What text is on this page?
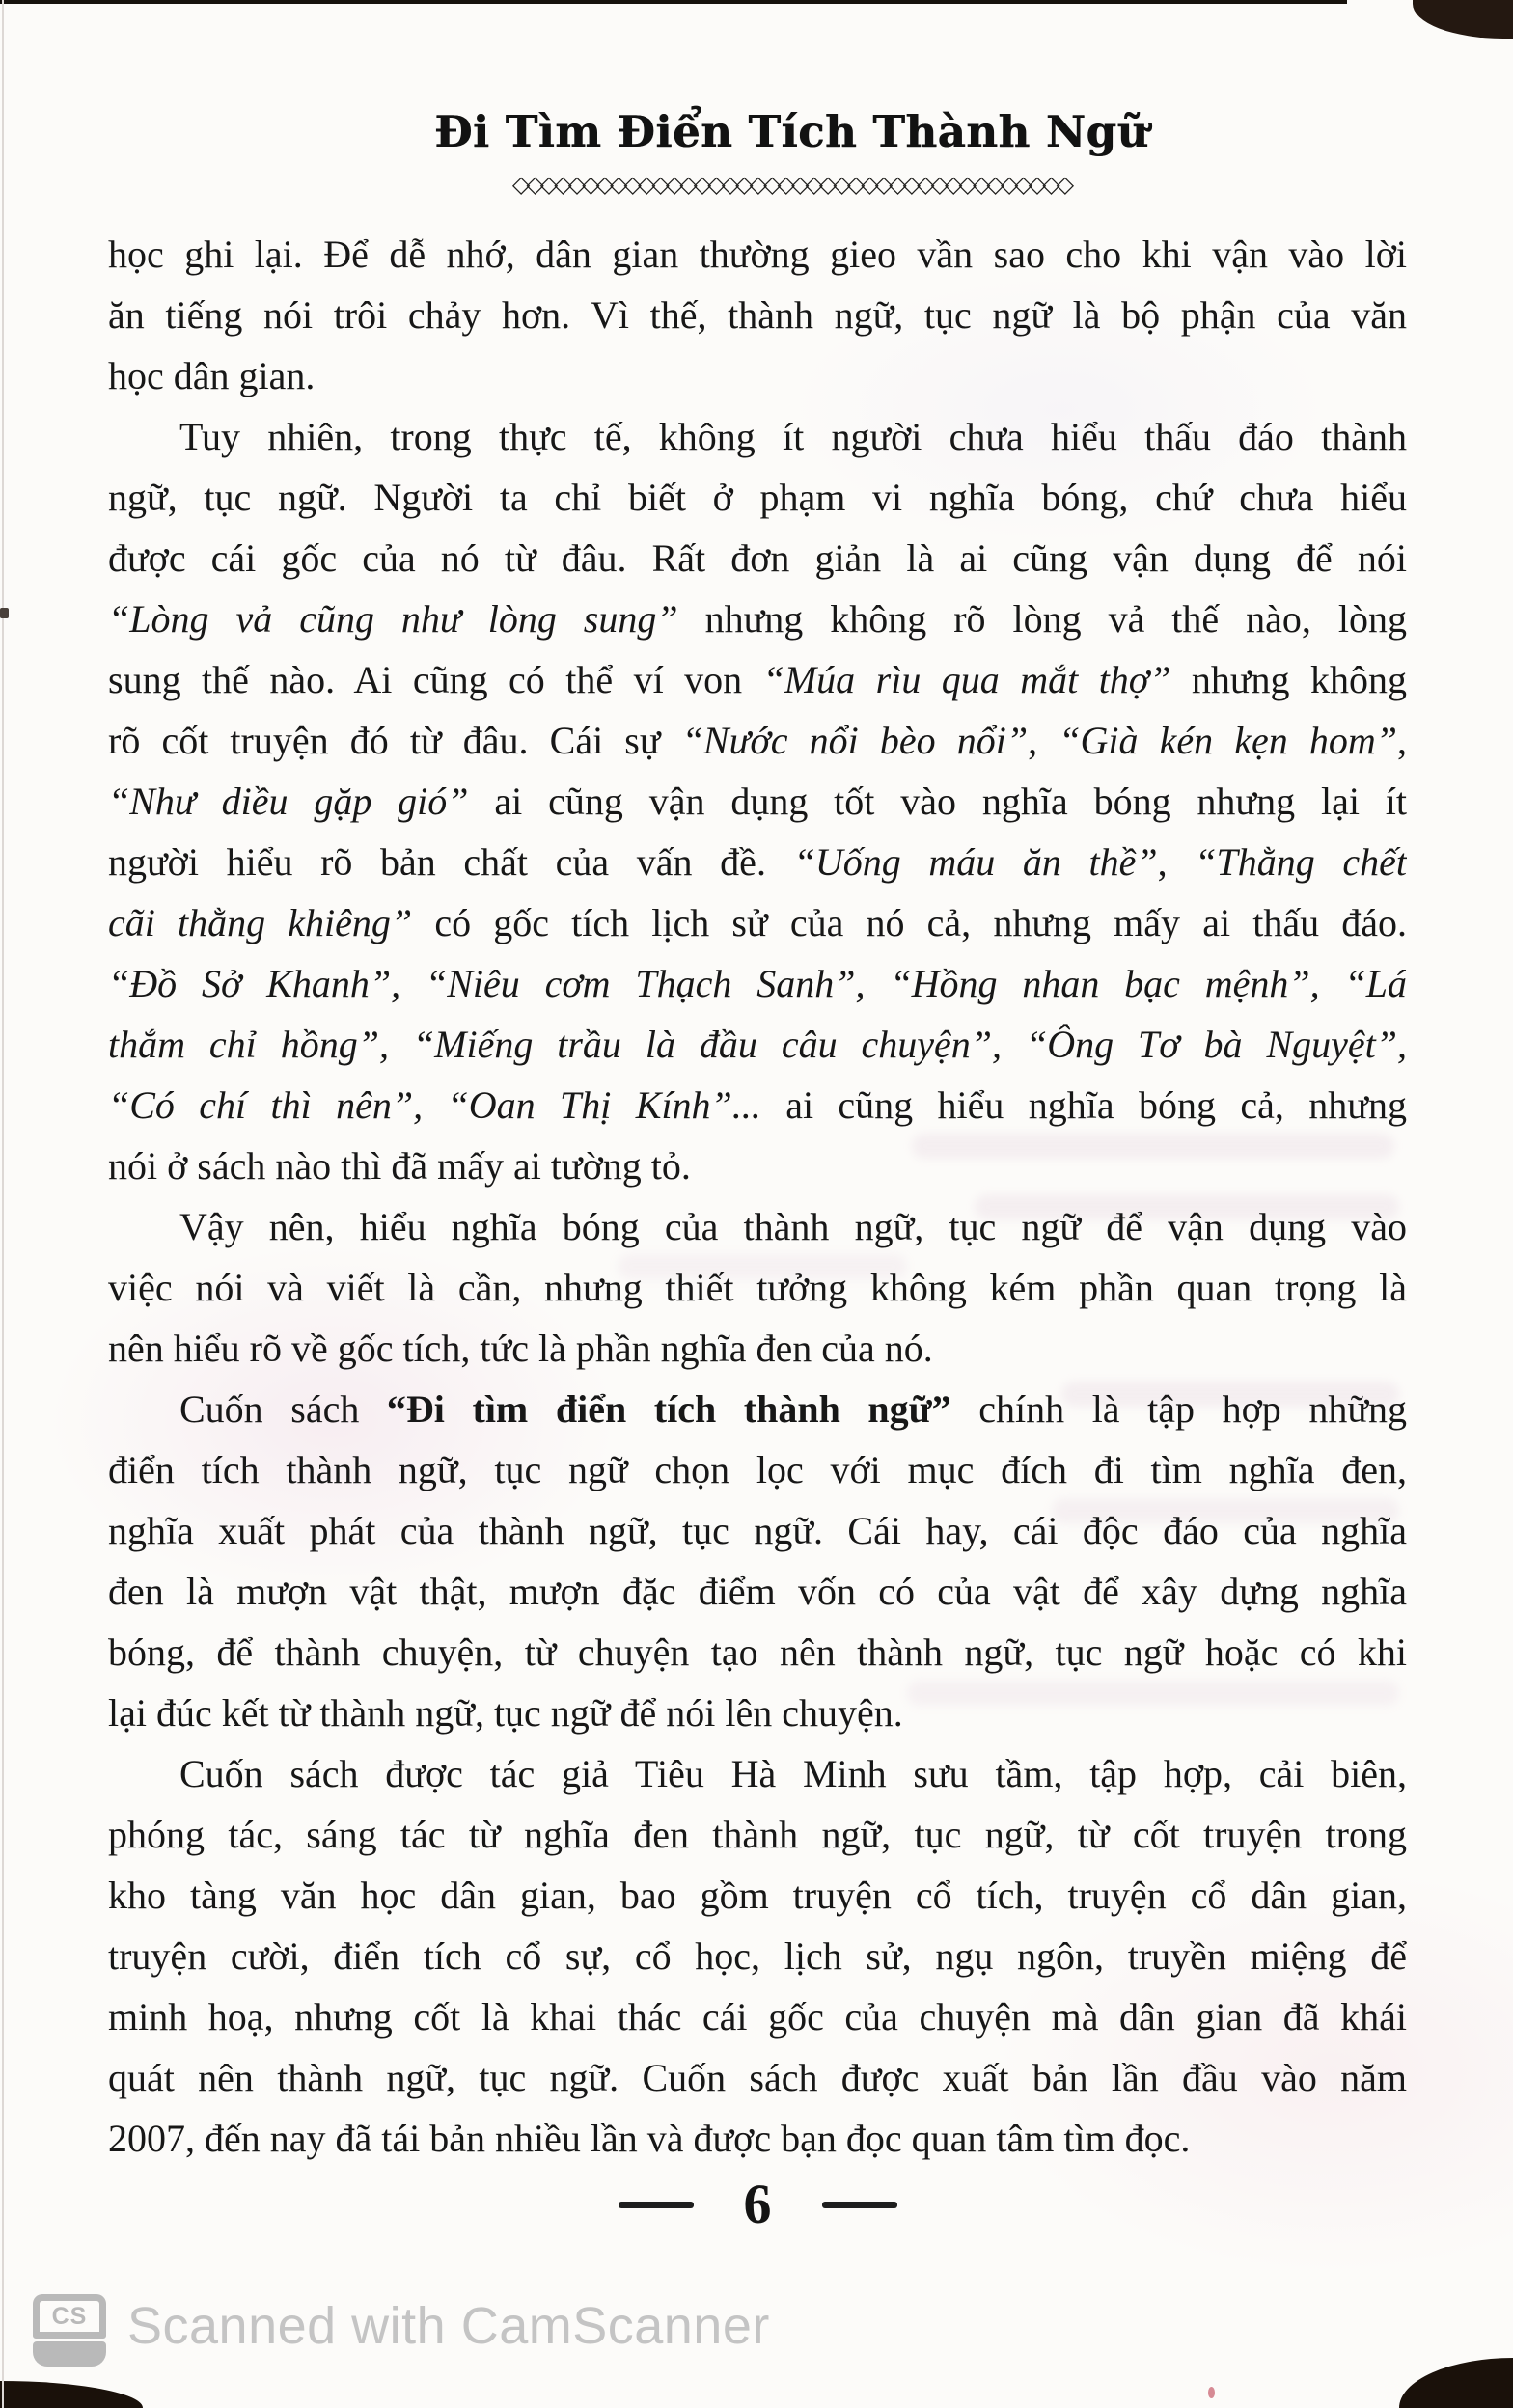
Đi Tìm Điển Tích Thành Ngữ
◇◇◇◇◇◇◇◇◇◇◇◇◇◇◇◇◇◇◇◇◇◇◇◇◇◇◇◇◇◇◇◇◇◇◇◇◇◇◇◇
học ghi lại. Để dễ nhớ, dân gian thường gieo vần sao cho khi vận vào lời
ăn tiếng nói trôi chảy hơn. Vì thế, thành ngữ, tục ngữ là bộ phận của văn
học dân gian.
Tuy nhiên, trong thực tế, không ít người chưa hiểu thấu đáo thành
ngữ, tục ngữ. Người ta chỉ biết ở phạm vi nghĩa bóng, chứ chưa hiểu
được cái gốc của nó từ đâu. Rất đơn giản là ai cũng vận dụng để nói
“Lòng vả cũng như lòng sung” nhưng không rõ lòng vả thế nào, lòng
sung thế nào. Ai cũng có thể ví von “Múa rìu qua mắt thợ” nhưng không
rõ cốt truyện đó từ đâu. Cái sự “Nước nổi bèo nổi”, “Già kén kẹn hom”,
“Như diều gặp gió” ai cũng vận dụng tốt vào nghĩa bóng nhưng lại ít
người hiểu rõ bản chất của vấn đề. “Uống máu ăn thề”, “Thằng chết
cãi thằng khiêng” có gốc tích lịch sử của nó cả, nhưng mấy ai thấu đáo.
“Đồ Sở Khanh”, “Niêu cơm Thạch Sanh”, “Hồng nhan bạc mệnh”, “Lá
thắm chỉ hồng”, “Miếng trầu là đầu câu chuyện”, “Ông Tơ bà Nguyệt”,
“Có chí thì nên”, “Oan Thị Kính”... ai cũng hiểu nghĩa bóng cả, nhưng
nói ở sách nào thì đã mấy ai tường tỏ.
Vậy nên, hiểu nghĩa bóng của thành ngữ, tục ngữ để vận dụng vào
việc nói và viết là cần, nhưng thiết tưởng không kém phần quan trọng là
nên hiểu rõ về gốc tích, tức là phần nghĩa đen của nó.
Cuốn sách “Đi tìm điển tích thành ngữ” chính là tập hợp những
điển tích thành ngữ, tục ngữ chọn lọc với mục đích đi tìm nghĩa đen,
nghĩa xuất phát của thành ngữ, tục ngữ. Cái hay, cái độc đáo của nghĩa
đen là mượn vật thật, mượn đặc điểm vốn có của vật để xây dựng nghĩa
bóng, để thành chuyện, từ chuyện tạo nên thành ngữ, tục ngữ hoặc có khi
lại đúc kết từ thành ngữ, tục ngữ để nói lên chuyện.
Cuốn sách được tác giả Tiêu Hà Minh sưu tầm, tập hợp, cải biên,
phóng tác, sáng tác từ nghĩa đen thành ngữ, tục ngữ, từ cốt truyện trong
kho tàng văn học dân gian, bao gồm truyện cổ tích, truyện cổ dân gian,
truyện cười, điển tích cổ sự, cổ học, lịch sử, ngụ ngôn, truyền miệng để
minh hoạ, nhưng cốt là khai thác cái gốc của chuyện mà dân gian đã khái
quát nên thành ngữ, tục ngữ. Cuốn sách được xuất bản lần đầu vào năm
2007, đến nay đã tái bản nhiều lần và được bạn đọc quan tâm tìm đọc.
6
CS Scanned with CamScanner
